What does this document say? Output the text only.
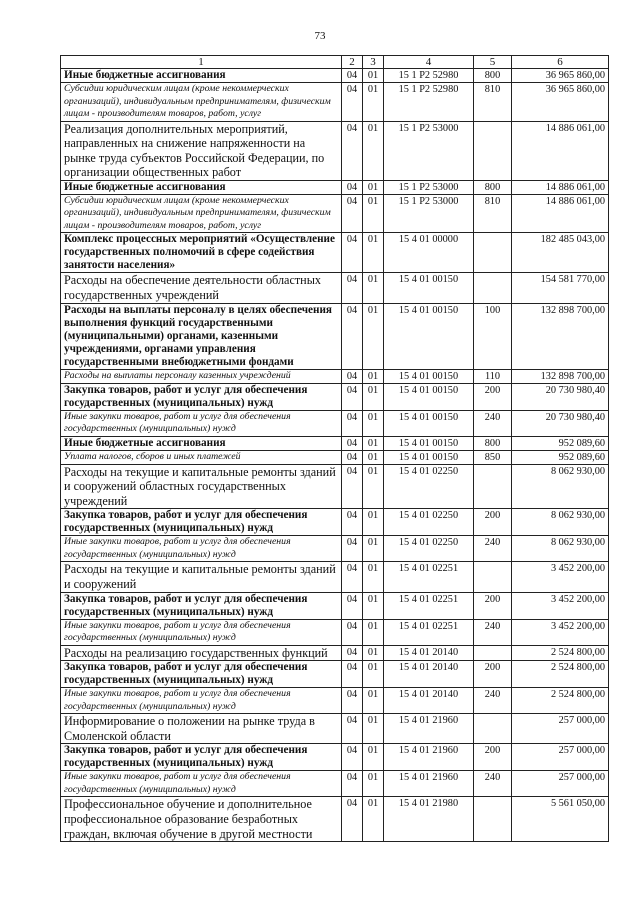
73
1	2	3	4	5	6
Иные бюджетные ассигнования	04	01	15 1 Р2 52980	800	36 965 860,00
Субсидии юридическим лицам (кроме некоммерческих организаций), индивидуальным предпринимателям, физическим лицам - производителям товаров, работ, услуг	04	01	15 1 Р2 52980	810	36 965 860,00
Реализация дополнительных мероприятий, направленных на снижение напряженности на рынке труда субъектов Российской Федерации, по организации общественных работ	04	01	15 1 Р2 53000		14 886 061,00
Иные бюджетные ассигнования	04	01	15 1 Р2 53000	800	14 886 061,00
Субсидии юридическим лицам (кроме некоммерческих организаций), индивидуальным предпринимателям, физическим лицам - производителям товаров, работ, услуг	04	01	15 1 Р2 53000	810	14 886 061,00
Комплекс процессных мероприятий «Осуществление государственных полномочий в сфере содействия занятости населения»	04	01	15 4 01 00000		182 485 043,00
Расходы на обеспечение деятельности областных государственных учреждений	04	01	15 4 01 00150		154 581 770,00
Расходы на выплаты персоналу в целях обеспечения выполнения функций государственными (муниципальными) органами, казенными учреждениями, органами управления государственными внебюджетными фондами	04	01	15 4 01 00150	100	132 898 700,00
Расходы на выплаты персоналу казенных учреждений	04	01	15 4 01 00150	110	132 898 700,00
Закупка товаров, работ и услуг для обеспечения государственных (муниципальных) нужд	04	01	15 4 01 00150	200	20 730 980,40
Иные закупки товаров, работ и услуг для обеспечения государственных (муниципальных) нужд	04	01	15 4 01 00150	240	20 730 980,40
Иные бюджетные ассигнования	04	01	15 4 01 00150	800	952 089,60
Уплата налогов, сборов и иных платежей	04	01	15 4 01 00150	850	952 089,60
Расходы на текущие и капитальные ремонты зданий и сооружений областных государственных учреждений	04	01	15 4 01 02250		8 062 930,00
Закупка товаров, работ и услуг для обеспечения государственных (муниципальных) нужд	04	01	15 4 01 02250	200	8 062 930,00
Иные закупки товаров, работ и услуг для обеспечения государственных (муниципальных) нужд	04	01	15 4 01 02250	240	8 062 930,00
Расходы на текущие и капитальные ремонты зданий и сооружений	04	01	15 4 01 02251		3 452 200,00
Закупка товаров, работ и услуг для обеспечения государственных (муниципальных) нужд	04	01	15 4 01 02251	200	3 452 200,00
Иные закупки товаров, работ и услуг для обеспечения государственных (муниципальных) нужд	04	01	15 4 01 02251	240	3 452 200,00
Расходы на реализацию государственных функций	04	01	15 4 01 20140		2 524 800,00
Закупка товаров, работ и услуг для обеспечения государственных (муниципальных) нужд	04	01	15 4 01 20140	200	2 524 800,00
Иные закупки товаров, работ и услуг для обеспечения государственных (муниципальных) нужд	04	01	15 4 01 20140	240	2 524 800,00
Информирование о положении на рынке труда в Смоленской области	04	01	15 4 01 21960		257 000,00
Закупка товаров, работ и услуг для обеспечения государственных (муниципальных) нужд	04	01	15 4 01 21960	200	257 000,00
Иные закупки товаров, работ и услуг для обеспечения государственных (муниципальных) нужд	04	01	15 4 01 21960	240	257 000,00
Профессиональное обучение и дополнительное профессиональное образование безработных граждан, включая обучение в другой местности	04	01	15 4 01 21980		5 561 050,00
